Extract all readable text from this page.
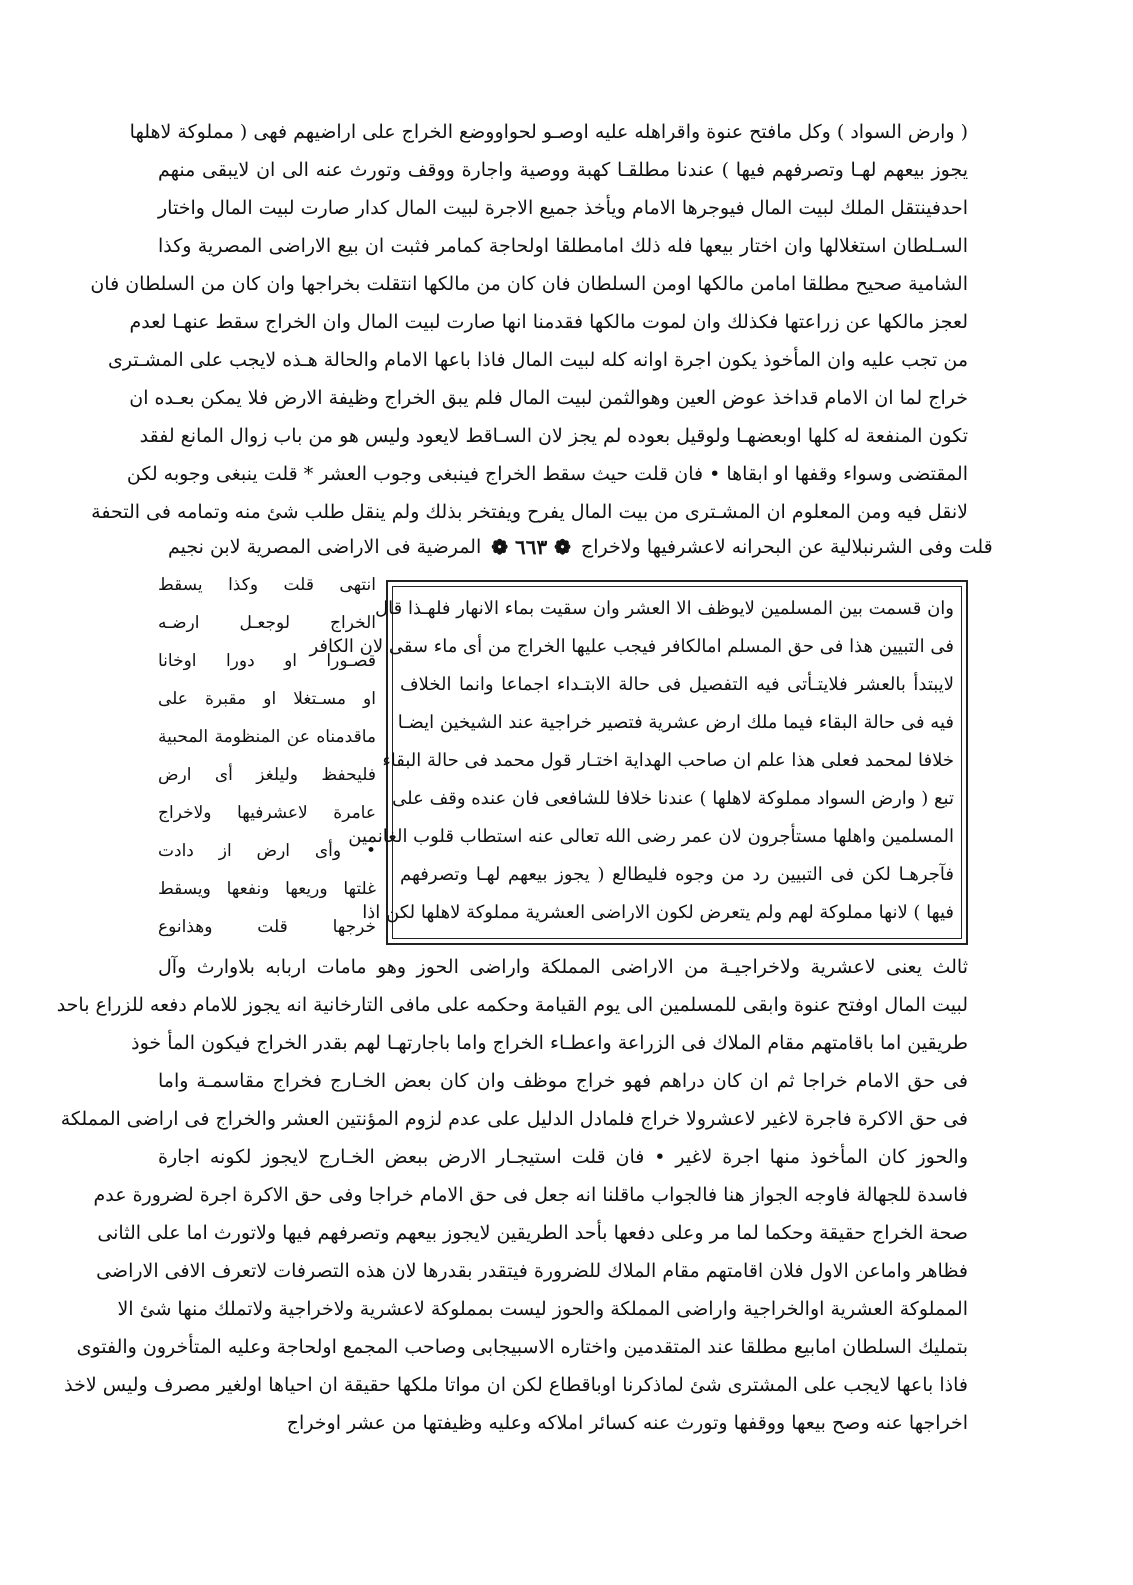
( وارض السواد ) وكل مافتح عنوة واقراهله عليه اوصـو لحواووضع الخراج على اراضيهم فهى ( مملوكة لاهلها
يجوز بيعهم لهـا وتصرفهم فيها ) عندنا مطلقـا كهبة ووصية واجارة ووقف وتورث عنه الى ان لايبقى منهم
احدفينتقل الملك لبيت المال فيوجرها الامام ويأخذ جميع الاجرة لبيت المال كدار صارت لبيت المال واختار
السـلطان استغلالها وان اختار بيعها فله ذلك امامطلقا اولحاجة كمامر فثبت ان بيع الاراضى المصرية وكذا
الشامية صحيح مطلقا امامن مالكها اومن السلطان فان كان من مالكها انتقلت بخراجها وان كان من السلطان فان
لعجز مالكها عن زراعتها فكذلك وان لموت مالكها فقدمنا انها صارت لبيت المال وان الخراج سقط عنهـا لعدم
من تجب عليه وان المأخوذ يكون اجرة اوانه كله لبيت المال فاذا باعها الامام والحالة هـذه لايجب على المشـترى
خراج لما ان الامام قداخذ عوض العين وهوالثمن لبيت المال فلم يبق الخراج وظيفة الارض فلا يمكن بعـده ان
تكون المنفعة له كلها اوبعضهـا ولوقيل بعوده لم يجز لان السـاقط لايعود وليس هو من باب زوال المانع لفقد
المقتضى وسواء وقفها او ابقاها • فان قلت حيث سقط الخراج فينبغى وجوب العشر * قلت ينبغى وجوبه لكن
لانقل فيه ومن المعلوم ان المشـترى من بيت المال يفرح ويفتخر بذلك ولم ينقل طلب شئ منه وتمامه فى التحفة
المرضية فى الاراضى المصرية لابن نجيم	❁ ٦٦٣ ❁	قلت وفى الشرنبلالية عن البحرانه لاعشرفيها ولاخراج
انتهى قلت وكذا يسقط
الخراج لوجعـل ارضـه
قصـورا او دورا اوخانا
او مسـتغلا او مقبرة على
ماقدمناه عن المنظومة المحبية
فليحفظ وليلغز أى ارض
عامرة لاعشرفيها ولاخراج
• وأى ارض از دادت
غلتها وريعها ونفعها ويسقط
خرجها قلت وهذانوع
وان قسمت بين المسلمين لايوظف الا العشر وان سقيت بماء الانهار فلهـذا قال
فى التبيين هذا فى حق المسلم امالكافر فيجب عليها الخراج من أى ماء سقى لان الكافر
لايبتدأ بالعشر فلايتـأتى فيه التفصيل فى حالة الابتـداء اجماعا وانما الخلاف
فيه فى حالة البقاء فيما ملك ارض عشرية فتصير خراجية عند الشيخين ايضـا
خلافا لمحمد فعلى هذا علم ان صاحب الهداية اختـار قول محمد فى حالة البقاء
تبع ( وارض السواد مملوكة لاهلها ) عندنا خلافا للشافعى فان عنده وقف على
المسلمين واهلها مستأجرون لان عمر رضى الله تعالى عنه استطاب قلوب الغانمين
فآجرهـا لكن فى التبيين رد من وجوه فليطالع ( يجوز بيعهم لهـا وتصرفهم
فيها ) لانها مملوكة لهم ولم يتعرض لكون الاراضى العشرية مملوكة لاهلها لكن اذا
ثالث يعنى لاعشرية ولاخراجيـة من الاراضى المملكة واراضى الحوز وهو مامات اربابه بلاوارث وآل
لبيت المال اوفتح عنوة وابقى للمسلمين الى يوم القيامة وحكمه على مافى التارخانية انه يجوز للامام دفعه للزراع باحد
طريقين اما باقامتهم مقام الملاك فى الزراعة واعطـاء الخراج واما باجارتهـا لهم بقدر الخراج فيكون المأ خوذ
فى حق الامام خراجا ثم ان كان دراهم فهو خراج موظف وان كان بعض الخـارج فخراج مقاسمـة واما
فى حق الاكرة فاجرة لاغير لاعشرولا خراج فلمادل الدليل على عدم لزوم المؤنتين العشر والخراج فى اراضى المملكة
والحوز كان المأخوذ منها اجرة لاغير • فان قلت استيجـار الارض ببعض الخـارج لايجوز لكونه اجارة
فاسدة للجهالة فاوجه الجواز هنا فالجواب ماقلنا انه جعل فى حق الامام خراجا وفى حق الاكرة اجرة لضرورة عدم
صحة الخراج حقيقة وحكما لما مر وعلى دفعها بأحد الطريقين لايجوز بيعهم وتصرفهم فيها ولاتورث اما على الثانى
فظاهر واماعن الاول فلان اقامتهم مقام الملاك للضرورة فيتقدر بقدرها لان هذه التصرفات لاتعرف الافى الاراضى
المملوكة العشرية اوالخراجية واراضى المملكة والحوز ليست بمملوكة لاعشرية ولاخراجية ولاتملك منها شئ الا
بتمليك السلطان امابيع مطلقا عند المتقدمين واختاره الاسبيجابى وصاحب المجمع اولحاجة وعليه المتأخرون والفتوى
فاذا باعها لايجب على المشترى شئ لماذكرنا اوباقطاع لكن ان مواتا ملكها حقيقة ان احياها اولغير مصرف وليس لاخذ
اخراجها عنه وصح بيعها ووقفها وتورث عنه كسائر املاكه وعليه وظيفتها من عشر اوخراج
